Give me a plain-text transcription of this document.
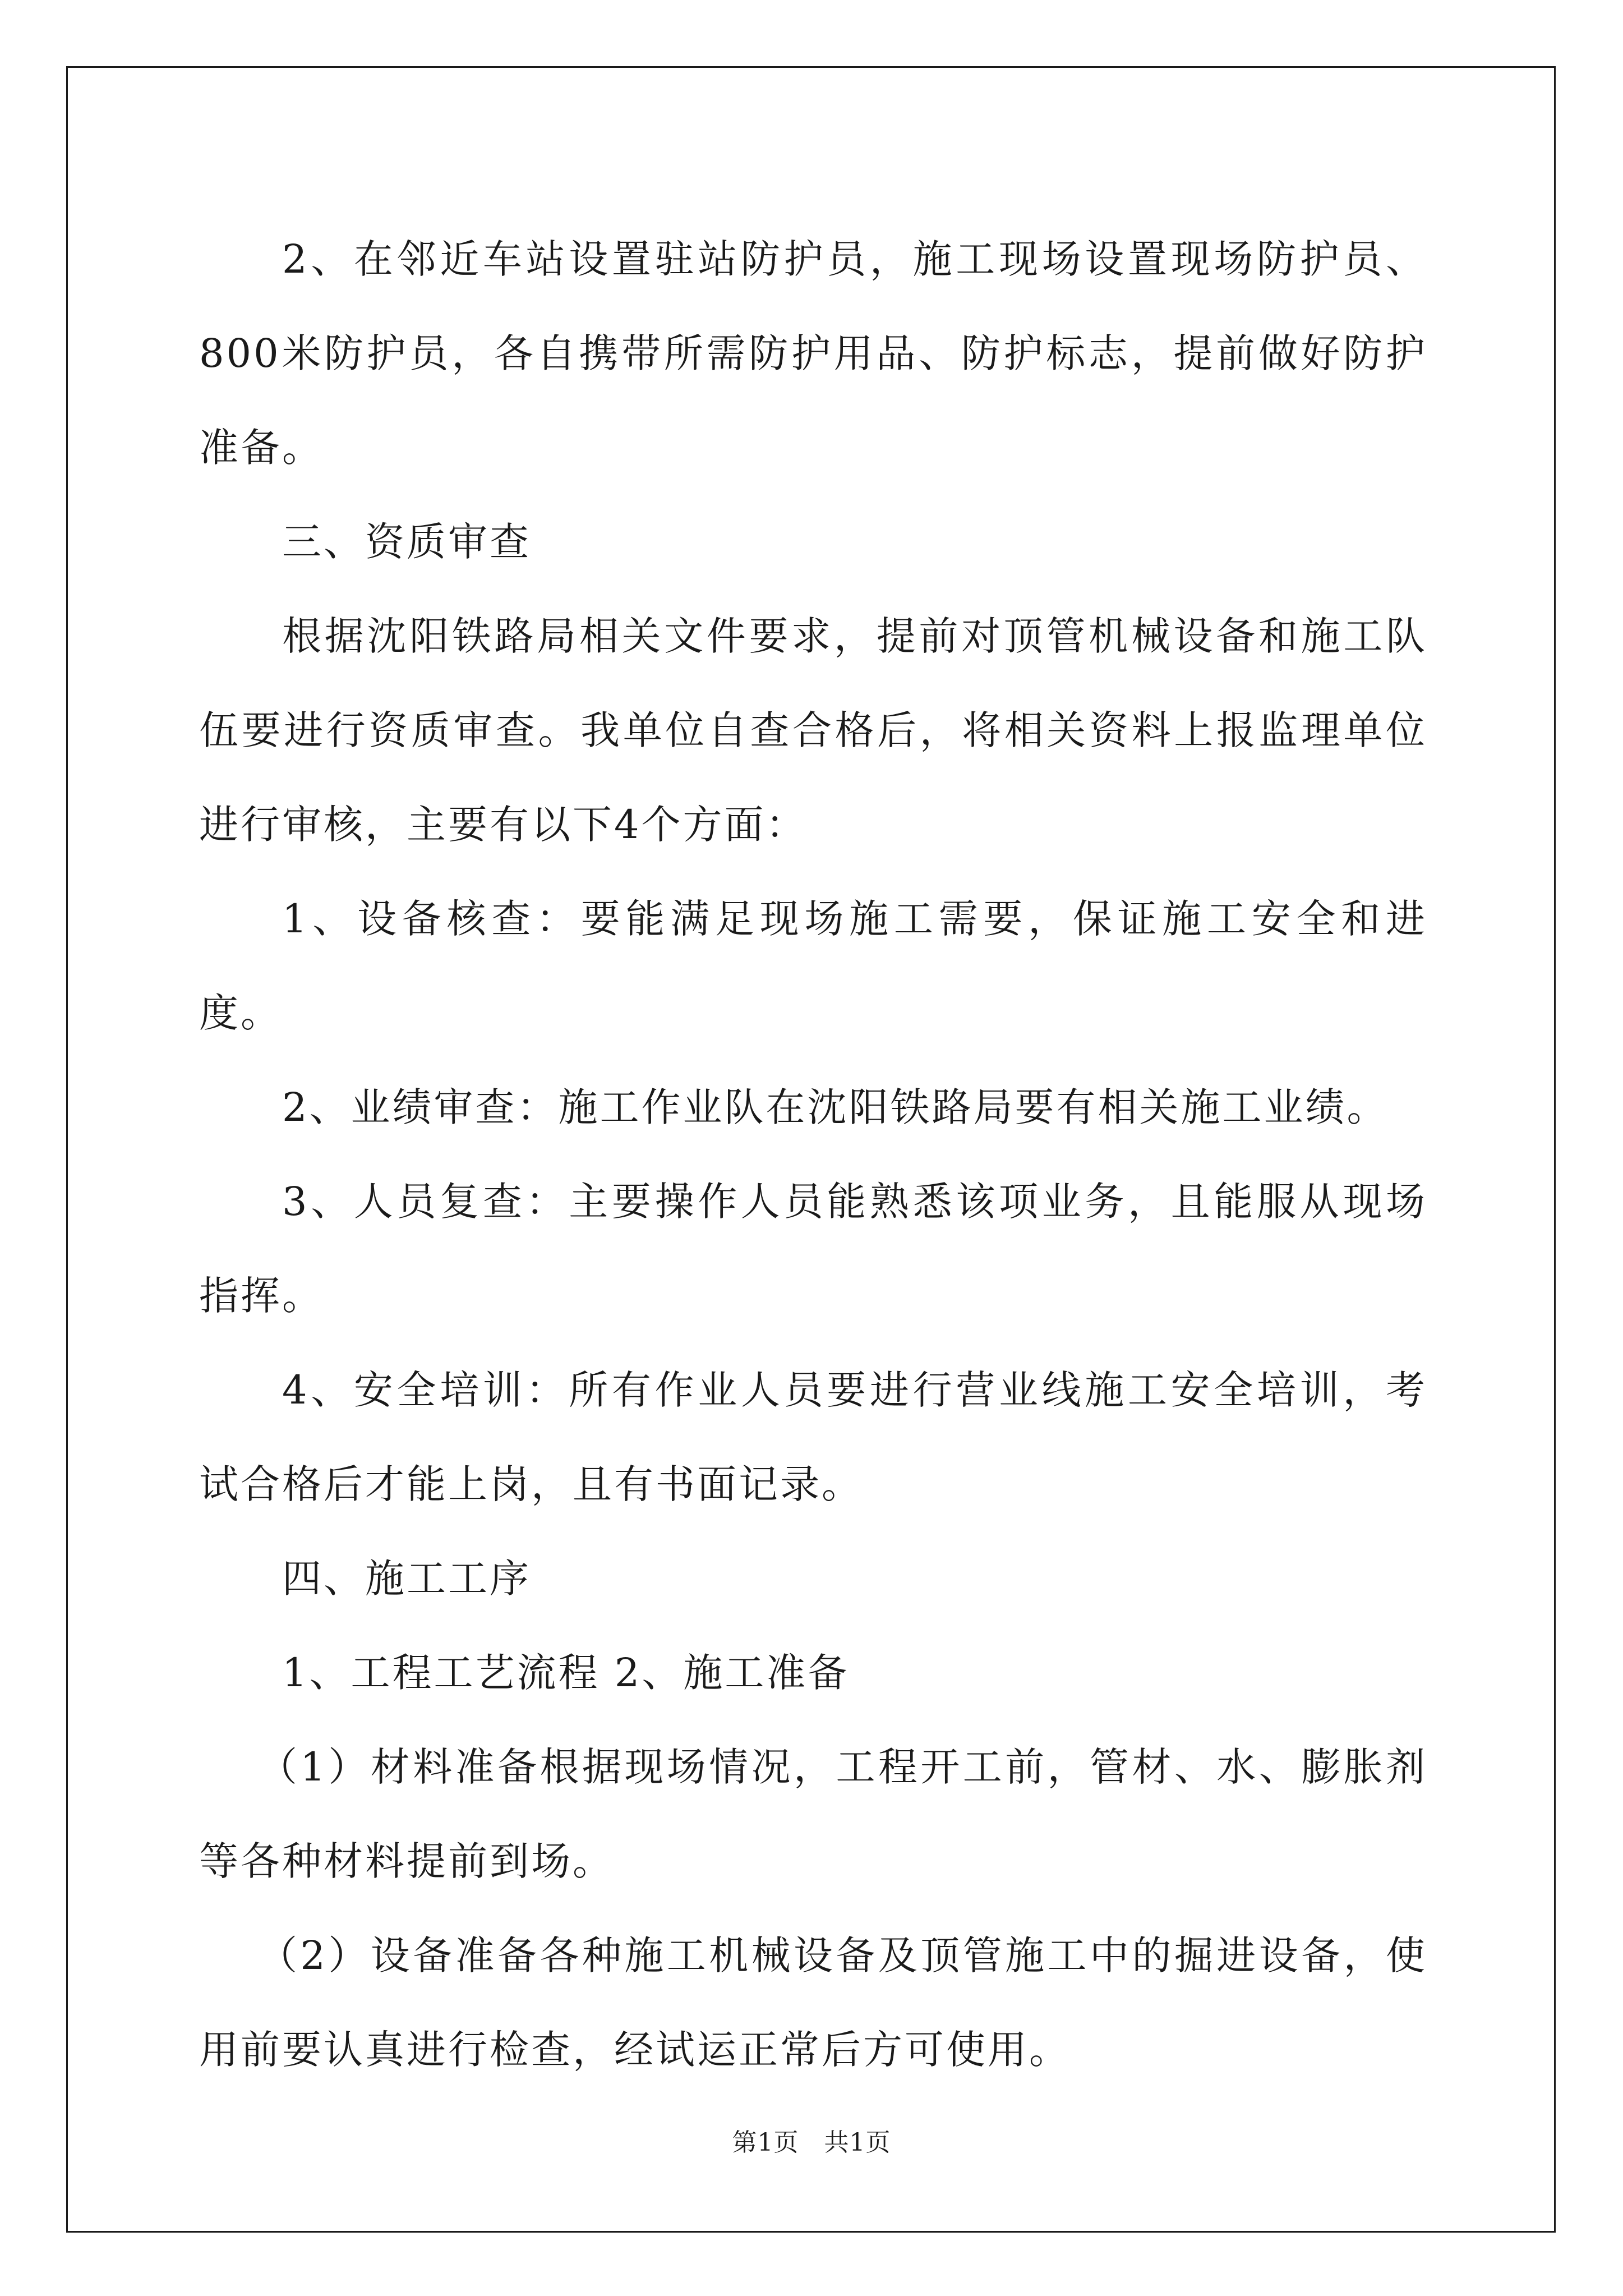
2、在邻近车站设置驻站防护员，施工现场设置现场防护员、800米防护员，各自携带所需防护用品、防护标志，提前做好防护准备。

三、资质审查

根据沈阳铁路局相关文件要求，提前对顶管机械设备和施工队伍要进行资质审查。我单位自查合格后，将相关资料上报监理单位进行审核，主要有以下4个方面：

1、设备核查：要能满足现场施工需要，保证施工安全和进度。

2、业绩审查：施工作业队在沈阳铁路局要有相关施工业绩。

3、人员复查：主要操作人员能熟悉该项业务，且能服从现场指挥。

4、安全培训：所有作业人员要进行营业线施工安全培训，考试合格后才能上岗，且有书面记录。

四、施工工序

1、工程工艺流程 2、施工准备

（1）材料准备根据现场情况，工程开工前，管材、水、膨胀剂等各种材料提前到场。

（2）设备准备各种施工机械设备及顶管施工中的掘进设备，使用前要认真进行检查，经试运正常后方可使用。

第1页 共1页
